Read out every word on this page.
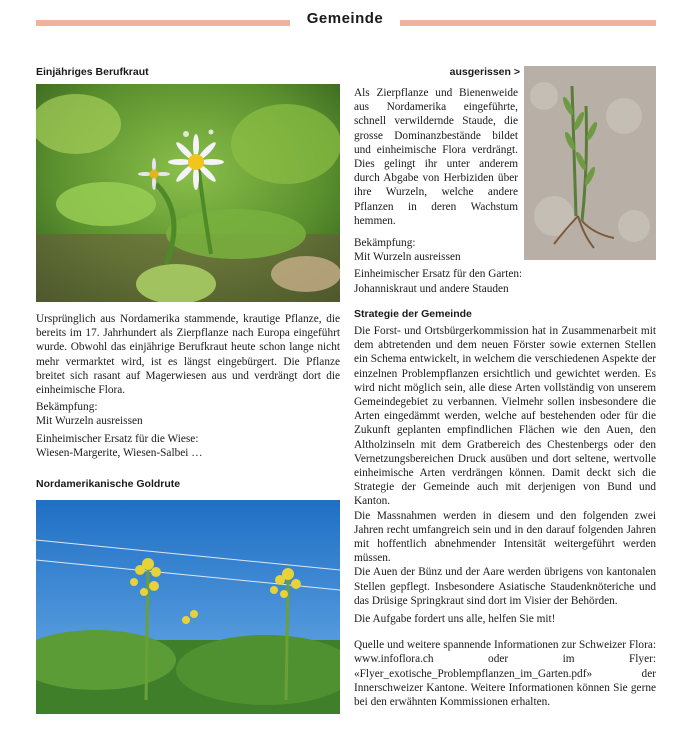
Gemeinde
Einjähriges Berufkraut

Ursprünglich aus Nordamerika stammende, krautige Pflanze, die bereits im 17. Jahrhundert als Zierpflanze nach Europa eingeführt wurde. Obwohl das einjährige Berufkraut heute schon lange nicht mehr vermarktet wird, ist es längst eingebürgert. Die Pflanze breitet sich rasant auf Magerwiesen aus und verdrängt dort die einheimische Flora.

Bekämpfung:

Mit Wurzeln ausreissen

Einheimischer Ersatz für die Wiese:

Wiesen-Margerite, Wiesen-Salbei …

Nordamerikanische Goldrute
ausgerissen >

Als Zierpflanze und Bienenweide aus Nordamerika eingeführte, schnell verwildernde Staude, die grosse Dominanzbestände bildet und einheimische Flora verdrängt. Dies gelingt ihr unter anderem durch Abgabe von Herbiziden über ihre Wurzeln, welche andere Pflanzen in deren Wachstum hemmen.

Bekämpfung:

Mit Wurzeln ausreissen

Einheimischer Ersatz für den Garten:

Johanniskraut und andere Stauden

Strategie der Gemeinde

Die Forst- und Ortsbürgerkommission hat in Zusammenarbeit mit dem abtretenden und dem neuen Förster sowie externen Stellen ein Schema entwickelt, in welchem die verschiedenen Aspekte der einzelnen Problempflanzen ersichtlich und gewichtet werden. Es wird nicht möglich sein, alle diese Arten vollständig von unserem Gemeindegebiet zu verbannen. Vielmehr sollen insbesondere die Arten eingedämmt werden, welche auf bestehenden oder für die Zukunft geplanten empfindlichen Flächen wie den Auen, den Altholzinseln mit dem Gratbereich des Chestenbergs oder den Vernetzungsbereichen Druck ausüben und dort seltene, wertvolle einheimische Arten verdrängen können. Damit deckt sich die Strategie der Gemeinde auch mit derjenigen von Bund und Kanton.

Die Massnahmen werden in diesem und den folgenden zwei Jahren recht umfangreich sein und in den darauf folgenden Jahren mit hoffentlich abnehmender Intensität weitergeführt werden müssen.

Die Auen der Bünz und der Aare werden übrigens von kantonalen Stellen gepflegt. Insbesondere Asiatische Staudenknöteriche und das Drüsige Springkraut sind dort im Visier der Behörden.

Die Aufgabe fordert uns alle, helfen Sie mit!

Quelle und weitere spannende Informationen zur Schweizer Flora: www.infoflora.ch oder im Flyer: «Flyer_exotische_Problempflanzen_im_Garten.pdf» der Innerschweizer Kantone. Weitere Informationen können Sie gerne bei den erwähnten Kommissionen erhalten.
